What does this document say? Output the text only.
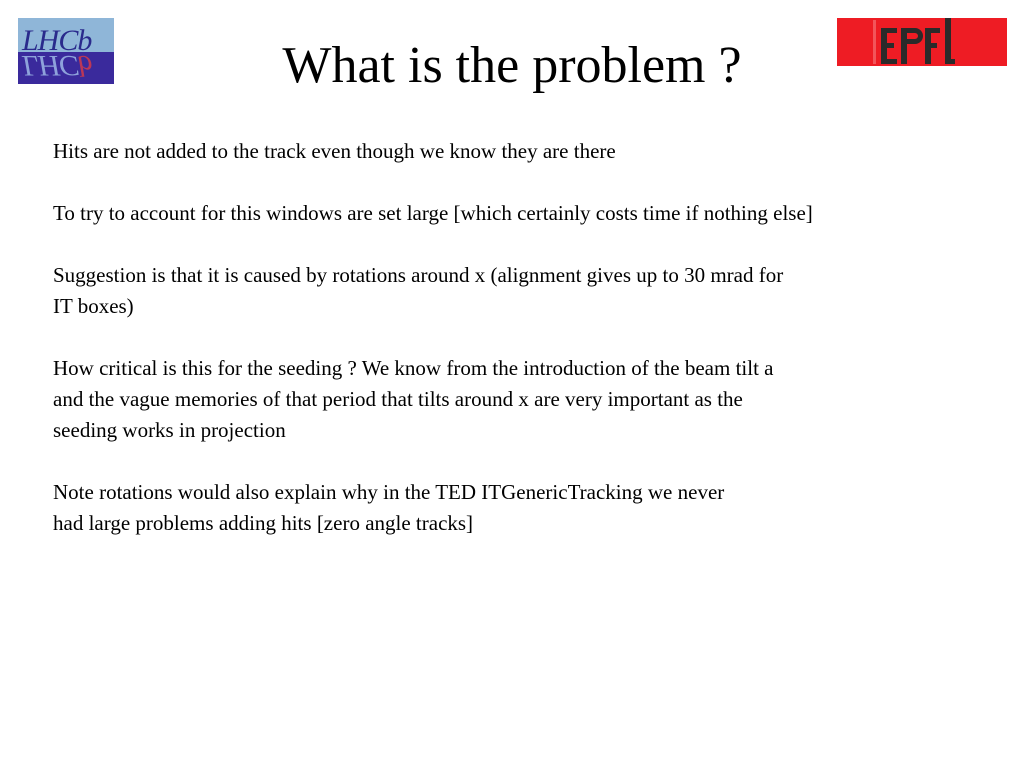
LHCb
LHCb	What is the problem ?

Hits are not added to the track even though we know they are there

To try to account for this windows are set large [which certainly costs time if nothing else]

Suggestion is that it is caused by rotations around x (alignment gives up to 30 mrad for
IT boxes)

How critical is this for the seeding ? We know from the introduction of the beam tilt a
and the vague memories of that period that tilts around x are very important as the
seeding works in projection

Note rotations would also explain why in the TED ITGenericTracking we never
had large problems adding hits [zero angle tracks]
